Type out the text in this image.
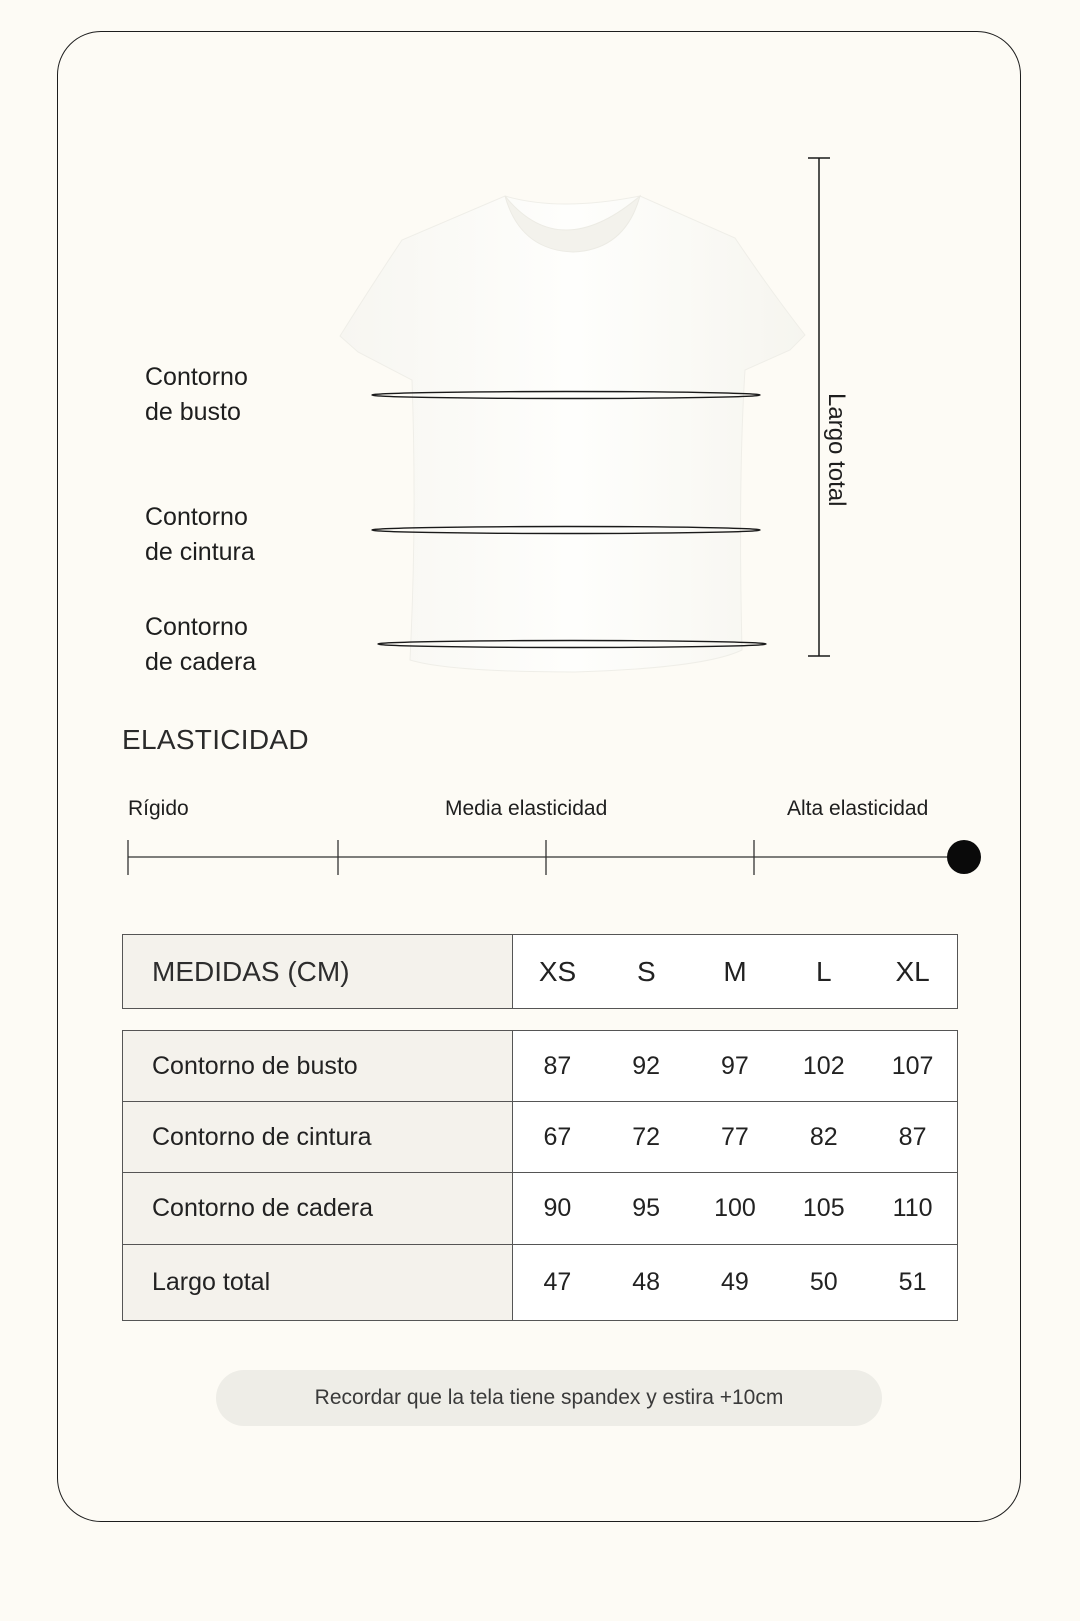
Contorno
de busto
Contorno
de cintura
Contorno
de cadera
Largo total
ELASTICIDAD
Rígido	Media elasticidad	Alta elasticidad
MEDIDAS (CM)	XS	S	M	L	XL
Contorno de busto	87	92	97	102	107
Contorno de cintura	67	72	77	82	87
Contorno de cadera	90	95	100	105	110
Largo total	47	48	49	50	51
Recordar que la tela tiene spandex y estira +10cm
